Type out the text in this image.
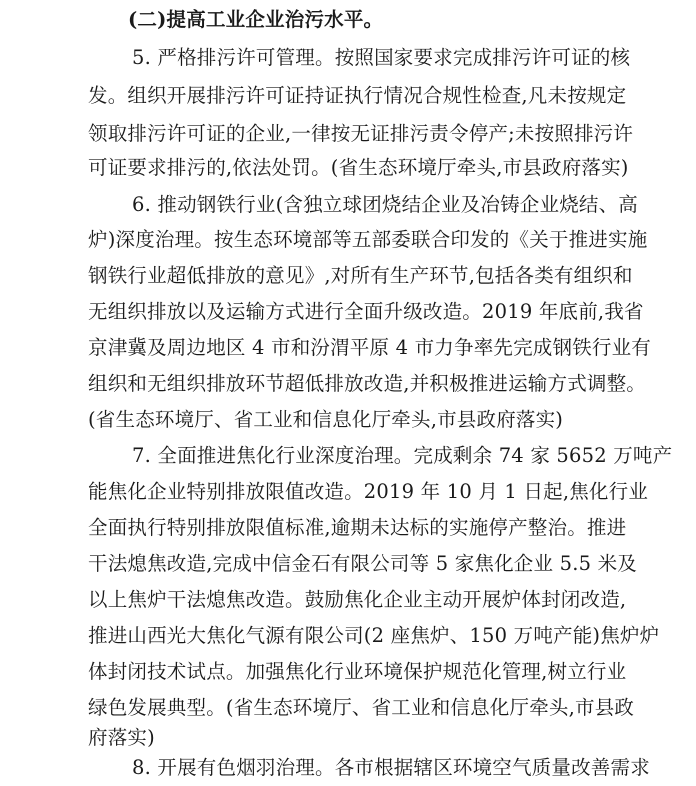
(二)提高工业企业治污水平。
5. 严格排污许可管理。按照国家要求完成排污许可证的核
发。组织开展排污许可证持证执行情况合规性检查,凡未按规定
领取排污许可证的企业,一律按无证排污责令停产;未按照排污许
可证要求排污的,依法处罚。(省生态环境厅牵头,市县政府落实)
6. 推动钢铁行业(含独立球团烧结企业及冶铸企业烧结、高
炉)深度治理。按生态环境部等五部委联合印发的《关于推进实施
钢铁行业超低排放的意见》,对所有生产环节,包括各类有组织和
无组织排放以及运输方式进行全面升级改造。2019 年底前,我省
京津冀及周边地区 4 市和汾渭平原 4 市力争率先完成钢铁行业有
组织和无组织排放环节超低排放改造,并积极推进运输方式调整。
(省生态环境厅、省工业和信息化厅牵头,市县政府落实)
7. 全面推进焦化行业深度治理。完成剩余 74 家 5652 万吨产
能焦化企业特别排放限值改造。2019 年 10 月 1 日起,焦化行业
全面执行特别排放限值标准,逾期未达标的实施停产整治。推进
干法熄焦改造,完成中信金石有限公司等 5 家焦化企业 5.5 米及
以上焦炉干法熄焦改造。鼓励焦化企业主动开展炉体封闭改造,
推进山西光大焦化气源有限公司(2 座焦炉、150 万吨产能)焦炉炉
体封闭技术试点。加强焦化行业环境保护规范化管理,树立行业
绿色发展典型。(省生态环境厅、省工业和信息化厅牵头,市县政
府落实)
8. 开展有色烟羽治理。各市根据辖区环境空气质量改善需求
